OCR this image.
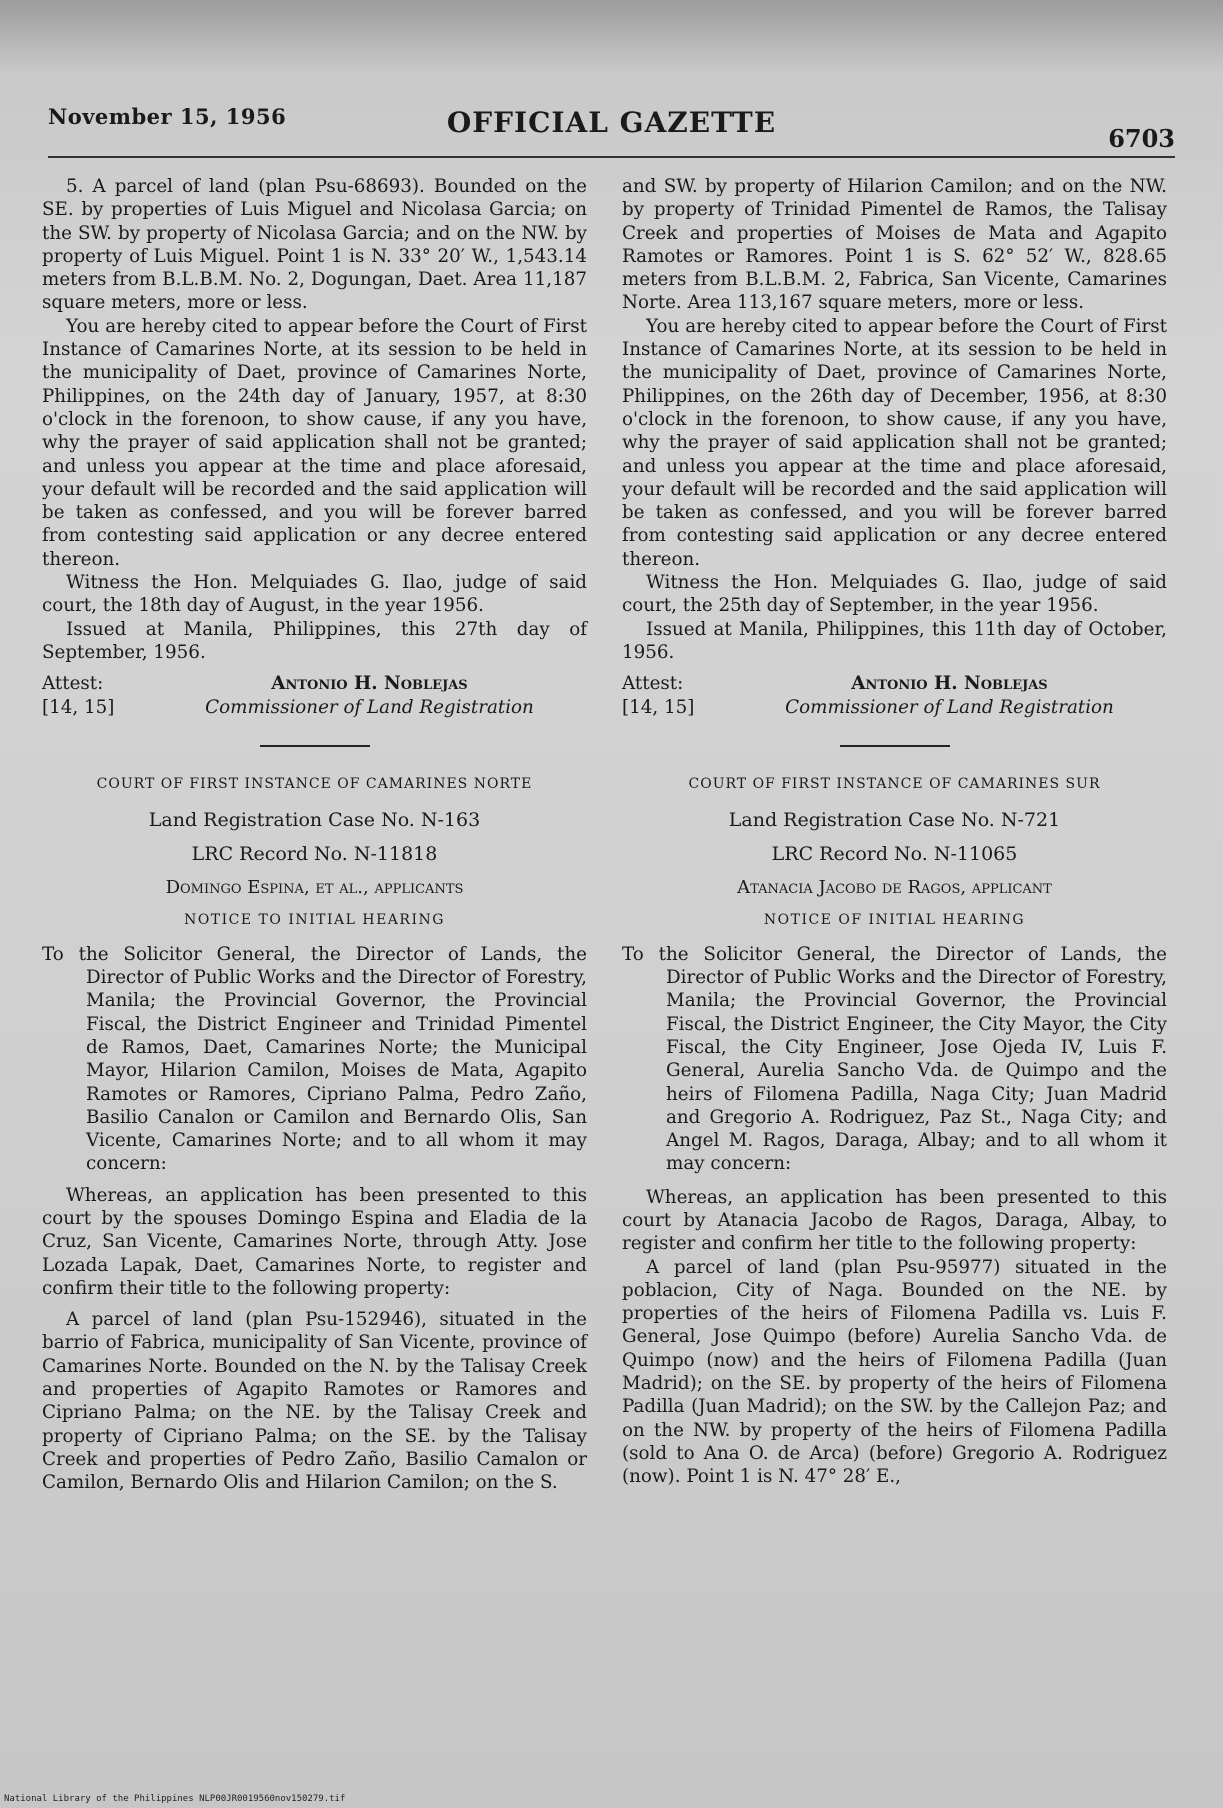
November 15, 1956	OFFICIAL GAZETTE	6703

5. A parcel of land (plan Psu-68693). Bounded on the SE. by properties of Luis Miguel and Nicolasa Garcia; on the SW. by property of Nicolasa Garcia; and on the NW. by property of Luis Miguel. Point 1 is N. 33° 20′ W., 1,543.14 meters from B.L.B.M. No. 2, Dogungan, Daet. Area 11,187 square meters, more or less.

You are hereby cited to appear before the Court of First Instance of Camarines Norte, at its session to be held in the municipality of Daet, province of Camarines Norte, Philippines, on the 24th day of January, 1957, at 8:30 o'clock in the forenoon, to show cause, if any you have, why the prayer of said application shall not be granted; and unless you appear at the time and place aforesaid, your default will be recorded and the said application will be taken as confessed, and you will be forever barred from contesting said application or any decree entered thereon.

Witness the Hon. Melquiades G. Ilao, judge of said court, the 18th day of August, in the year 1956.

Issued at Manila, Philippines, this 27th day of September, 1956.

Attest:
[14, 15]
Antonio H. Noblejas
Commissioner of Land Registration
COURT OF FIRST INSTANCE OF CAMARINES NORTE
Land Registration Case No. N-163
LRC Record No. N-11818
Domingo Espina, et al., applicants
NOTICE TO INITIAL HEARING
To the Solicitor General, the Director of Lands, the Director of Public Works and the Director of Forestry, Manila; the Provincial Governor, the Provincial Fiscal, the District Engineer and Trinidad Pimentel de Ramos, Daet, Camarines Norte; the Municipal Mayor, Hilarion Camilon, Moises de Mata, Agapito Ramotes or Ramores, Cipriano Palma, Pedro Zaño, Basilio Canalon or Camilon and Bernardo Olis, San Vicente, Camarines Norte; and to all whom it may concern:

Whereas, an application has been presented to this court by the spouses Domingo Espina and Eladia de la Cruz, San Vicente, Camarines Norte, through Atty. Jose Lozada Lapak, Daet, Camarines Norte, to register and confirm their title to the following property:

A parcel of land (plan Psu-152946), situated in the barrio of Fabrica, municipality of San Vicente, province of Camarines Norte. Bounded on the N. by the Talisay Creek and properties of Agapito Ramotes or Ramores and Cipriano Palma; on the NE. by the Talisay Creek and property of Cipriano Palma; on the SE. by the Talisay Creek and properties of Pedro Zaño, Basilio Camalon or Camilon, Bernardo Olis and Hilarion Camilon; on the S.

and SW. by property of Hilarion Camilon; and on the NW. by property of Trinidad Pimentel de Ramos, the Talisay Creek and properties of Moises de Mata and Agapito Ramotes or Ramores. Point 1 is S. 62° 52′ W., 828.65 meters from B.L.B.M. 2, Fabrica, San Vicente, Camarines Norte. Area 113,167 square meters, more or less.

You are hereby cited to appear before the Court of First Instance of Camarines Norte, at its session to be held in the municipality of Daet, province of Camarines Norte, Philippines, on the 26th day of December, 1956, at 8:30 o'clock in the forenoon, to show cause, if any you have, why the prayer of said application shall not be granted; and unless you appear at the time and place aforesaid, your default will be recorded and the said application will be taken as confessed, and you will be forever barred from contesting said application or any decree entered thereon.

Witness the Hon. Melquiades G. Ilao, judge of said court, the 25th day of September, in the year 1956.

Issued at Manila, Philippines, this 11th day of October, 1956.

Attest:
[14, 15]
Antonio H. Noblejas
Commissioner of Land Registration
COURT OF FIRST INSTANCE OF CAMARINES SUR
Land Registration Case No. N-721
LRC Record No. N-11065
Atanacia Jacobo de Ragos, applicant
NOTICE OF INITIAL HEARING
To the Solicitor General, the Director of Lands, the Director of Public Works and the Director of Forestry, Manila; the Provincial Governor, the Provincial Fiscal, the District Engineer, the City Mayor, the City Fiscal, the City Engineer, Jose Ojeda IV, Luis F. General, Aurelia Sancho Vda. de Quimpo and the heirs of Filomena Padilla, Naga City; Juan Madrid and Gregorio A. Rodriguez, Paz St., Naga City; and Angel M. Ragos, Daraga, Albay; and to all whom it may concern:

Whereas, an application has been presented to this court by Atanacia Jacobo de Ragos, Daraga, Albay, to register and confirm her title to the following property:

A parcel of land (plan Psu-95977) situated in the poblacion, City of Naga. Bounded on the NE. by properties of the heirs of Filomena Padilla vs. Luis F. General, Jose Quimpo (before) Aurelia Sancho Vda. de Quimpo (now) and the heirs of Filomena Padilla (Juan Madrid); on the SE. by property of the heirs of Filomena Padilla (Juan Madrid); on the SW. by the Callejon Paz; and on the NW. by property of the heirs of Filomena Padilla (sold to Ana O. de Arca) (before) Gregorio A. Rodriguez (now). Point 1 is N. 47° 28′ E.,

National Library of the Philippines NLP00JR0019560nov150279.tif
